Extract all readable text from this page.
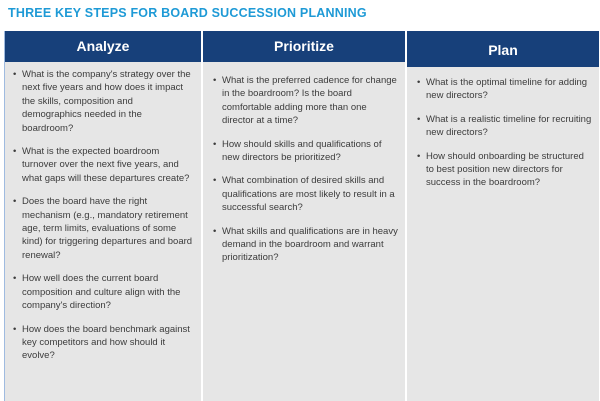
THREE KEY STEPS FOR BOARD SUCCESSION PLANNING
Analyze
• What is the company's strategy over the next five years and how does it impact the skills, composition and demographics needed in the boardroom?
• What is the expected boardroom turnover over the next five years, and what gaps will these departures create?
• Does the board have the right mechanism (e.g., mandatory retirement age, term limits, evaluations of some kind) for triggering departures and board renewal?
• How well does the current board composition and culture align with the company's direction?
• How does the board benchmark against key competitors and how should it evolve?
Prioritize
• What is the preferred cadence for change in the boardroom? Is the board comfortable adding more than one director at a time?
• How should skills and qualifications of new directors be prioritized?
• What combination of desired skills and qualifications are most likely to result in a successful search?
• What skills and qualifications are in heavy demand in the boardroom and warrant prioritization?
Plan
• What is the optimal timeline for adding new directors?
• What is a realistic timeline for recruiting new directors?
• How should onboarding be structured to best position new directors for success in the boardroom?
